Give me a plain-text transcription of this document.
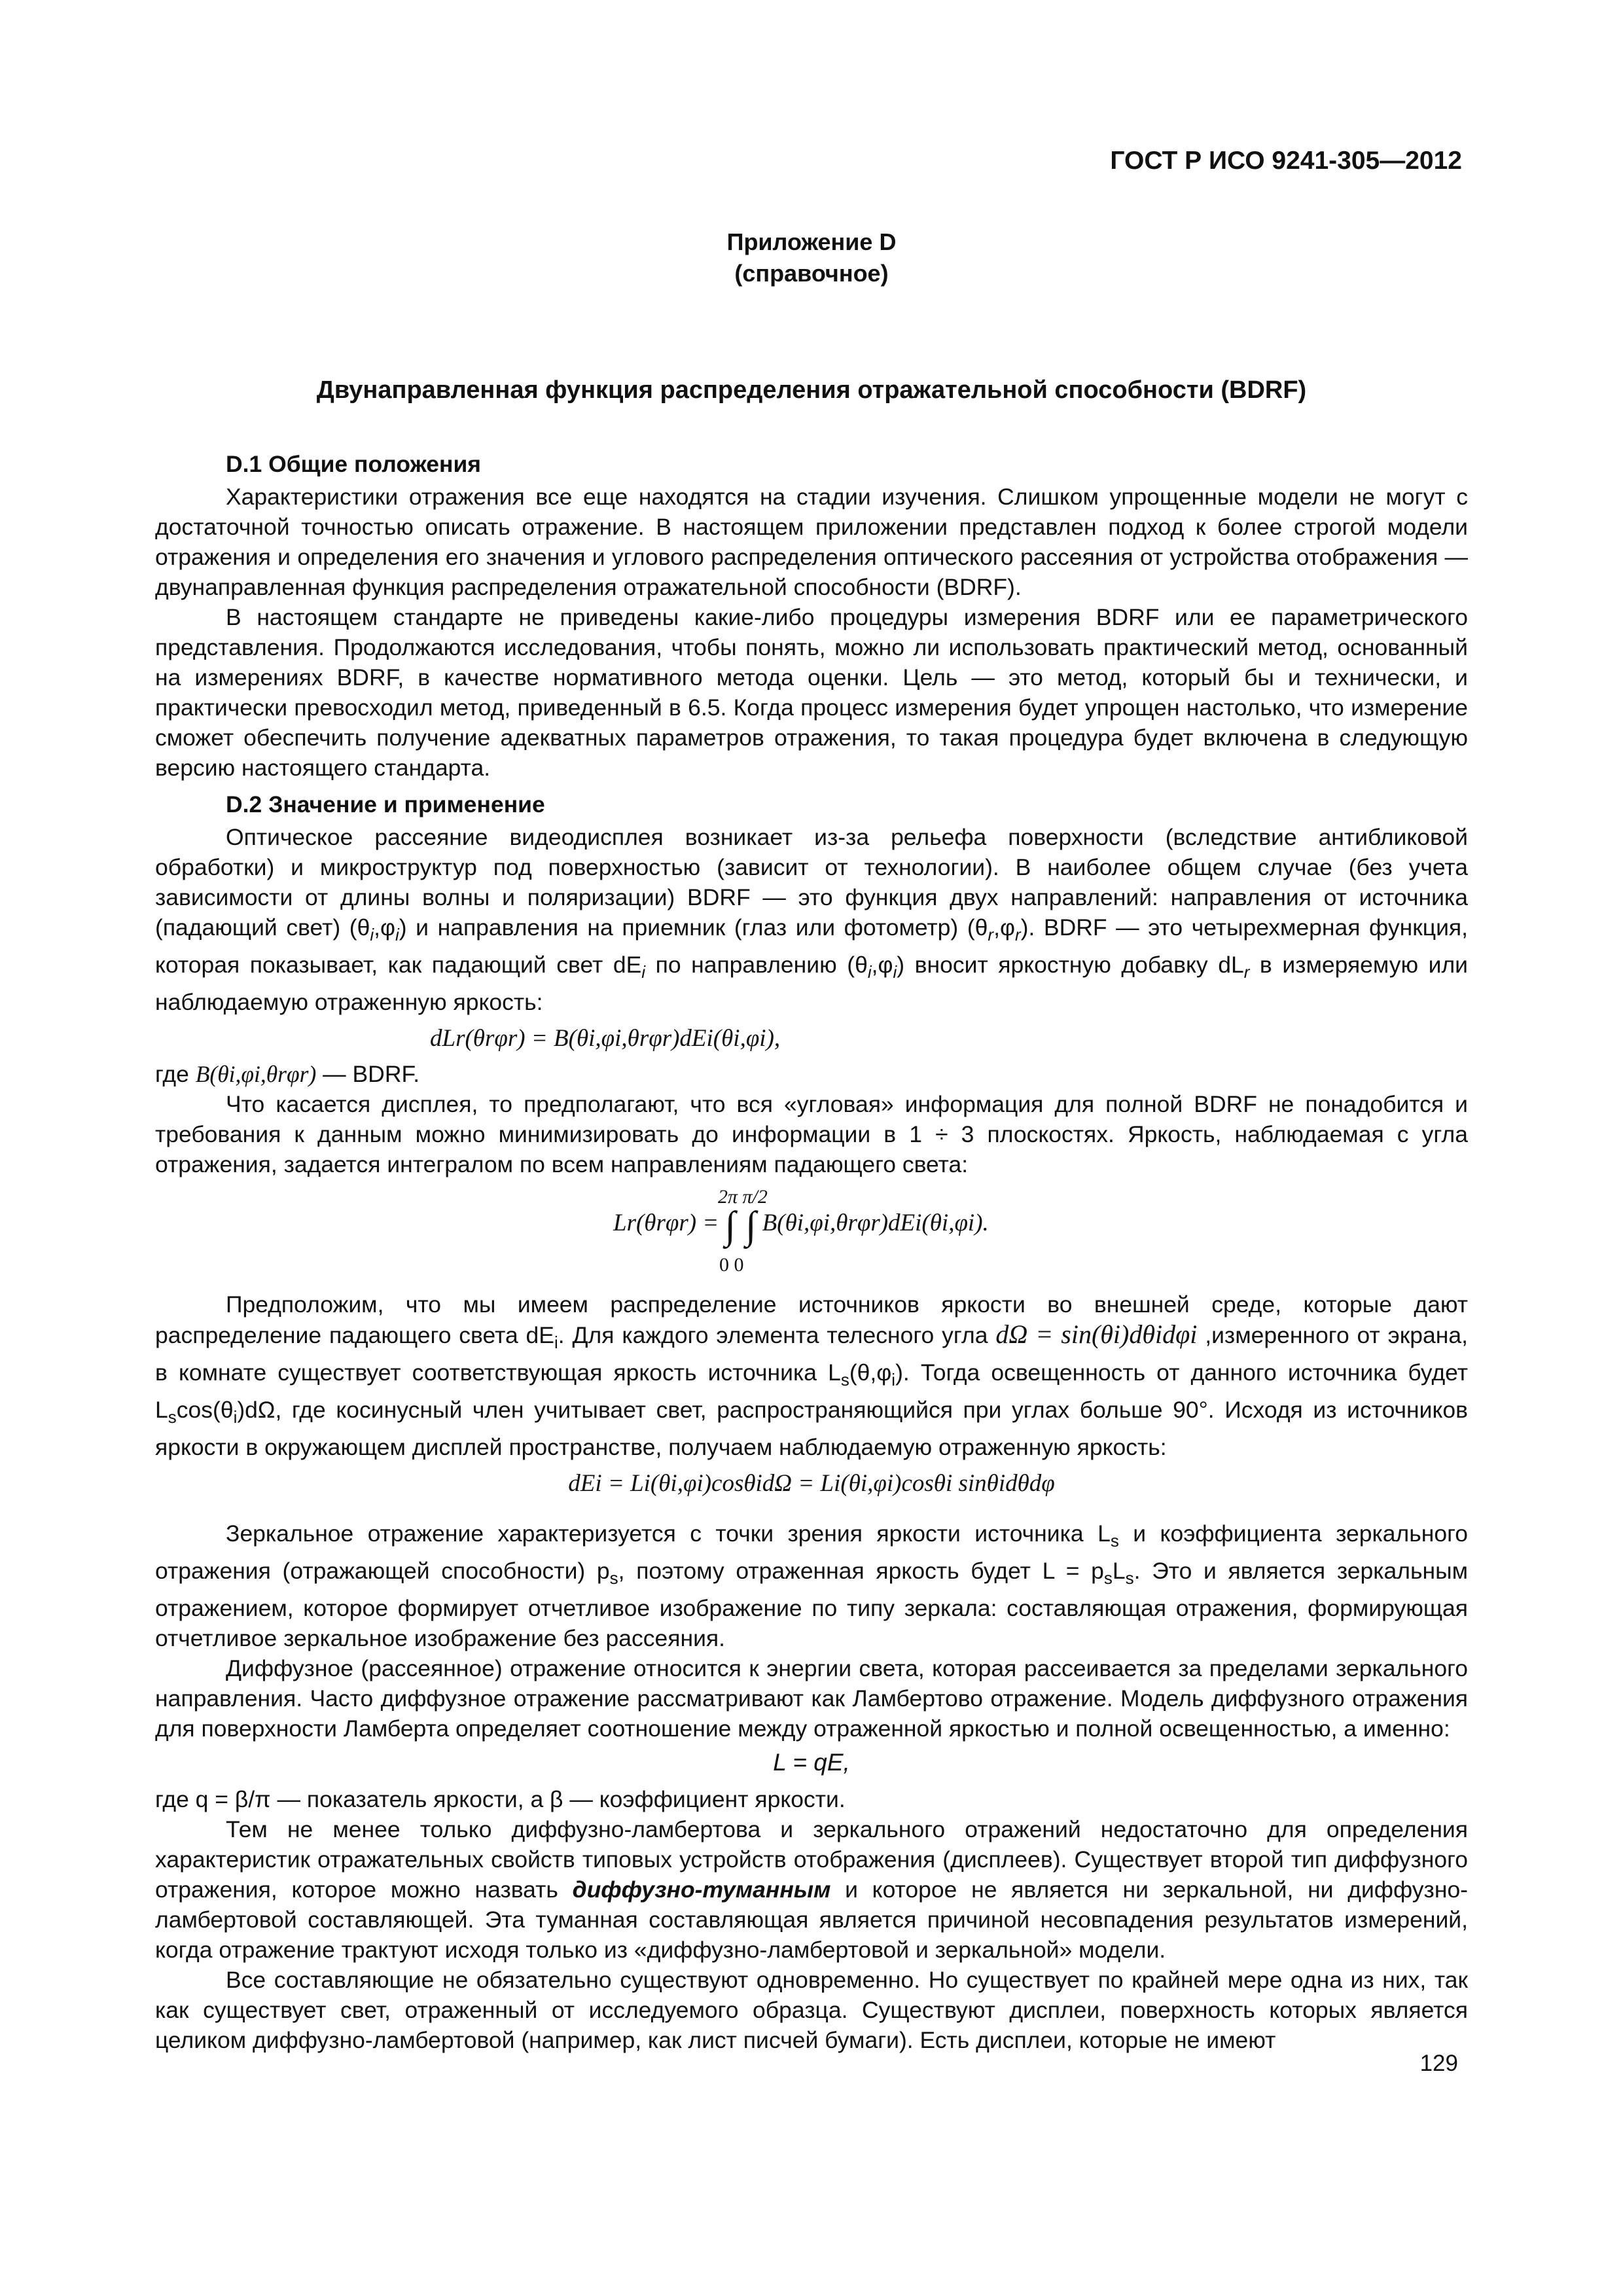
ГОСТ Р ИСО 9241-305—2012
Приложение D
(справочное)
Двунаправленная функция распределения отражательной способности (BDRF)
D.1 Общие положения

Характеристики отражения все еще находятся на стадии изучения. Слишком упрощенные модели не могут с достаточной точностью описать отражение. В настоящем приложении представлен подход к более строгой модели отражения и определения его значения и углового распределения оптического рассеяния от устройства отображения — двунаправленная функция распределения отражательной способности (BDRF).

В настоящем стандарте не приведены какие-либо процедуры измерения BDRF или ее параметрического представления. Продолжаются исследования, чтобы понять, можно ли использовать практический метод, основанный на измерениях BDRF, в качестве нормативного метода оценки. Цель — это метод, который бы и технически, и практически превосходил метод, приведенный в 6.5. Когда процесс измерения будет упрощен настолько, что измерение сможет обеспечить получение адекватных параметров отражения, то такая процедура будет включена в следующую версию настоящего стандарта.

D.2 Значение и применение

Оптическое рассеяние видеодисплея возникает из-за рельефа поверхности (вследствие антибликовой обработки) и микроструктур под поверхностью (зависит от технологии). В наиболее общем случае (без учета зависимости от длины волны и поляризации) BDRF — это функция двух направлений: направления от источника (падающий свет) $(\theta_i,\varphi_i)$ и направления на приемник (глаз или фотометр) $(\theta_r,\varphi_r)$. BDRF — это четырехмерная функция, которая показывает, как падающий свет $dE_i$ по направлению $(\theta_i,\varphi_i)$ вносит яркостную добавку $dL_r$ в измеряемую или наблюдаемую отраженную яркость:

dLr(θrφr) = B(θi,φi,θrφr)dEi(θi,φi),

где B(θi,φi,θrφr) — BDRF.

Что касается дисплея, то предполагают, что вся «угловая» информация для полной BDRF не понадобится и требования к данным можно минимизировать до информации в 1 ÷ 3 плоскостях. Яркость, наблюдаемая с угла отражения, задается интегралом по всем направлениям падающего света:

2π π/2
Lr(θrφr) = ∫ ∫ B(θi,φi,θrφr)dEi(θi,φi).
0 0

Предположим, что мы имеем распределение источников яркости во внешней среде, которые дают распределение падающего света $dE_i$. Для каждого элемента телесного угла dΩ = sin(θi)dθidφi ,измеренного от экрана, в комнате существует соответствующая яркость источника $L_s(\theta,\varphi_i)$. Тогда освещенность от данного источника будет $L_s\cos(\theta_i)d\Omega$, где косинусный член учитывает свет, распространяющийся при углах больше 90°. Исходя из источников яркости в окружающем дисплей пространстве, получаем наблюдаемую отраженную яркость:

dEi = Li(θi,φi)cosθidΩ = Li(θi,φi)cosθi sinθidθdφ

Зеркальное отражение характеризуется с точки зрения яркости источника $L_s$ и коэффициента зеркального отражения (отражающей способности) $p_s$, поэтому отраженная яркость будет $L = p_sL_s$. Это и является зеркальным отражением, которое формирует отчетливое изображение по типу зеркала: составляющая отражения, формирующая отчетливое зеркальное изображение без рассеяния.

Диффузное (рассеянное) отражение относится к энергии света, которая рассеивается за пределами зеркального направления. Часто диффузное отражение рассматривают как Ламбертово отражение. Модель диффузного отражения для поверхности Ламберта определяет соотношение между отраженной яркостью и полной освещенностью, а именно:

L = qE,

где q = β/π — показатель яркости, а β — коэффициент яркости.

Тем не менее только диффузно-ламбертова и зеркального отражений недостаточно для определения характеристик отражательных свойств типовых устройств отображения (дисплеев). Существует второй тип диффузного отражения, которое можно назвать диффузно-туманным и которое не является ни зеркальной, ни диффузно-ламбертовой составляющей. Эта туманная составляющая является причиной несовпадения результатов измерений, когда отражение трактуют исходя только из «диффузно-ламбертовой и зеркальной» модели.

Все составляющие не обязательно существуют одновременно. Но существует по крайней мере одна из них, так как существует свет, отраженный от исследуемого образца. Существуют дисплеи, поверхность которых является целиком диффузно-ламбертовой (например, как лист писчей бумаги). Есть дисплеи, которые не имеют

129
